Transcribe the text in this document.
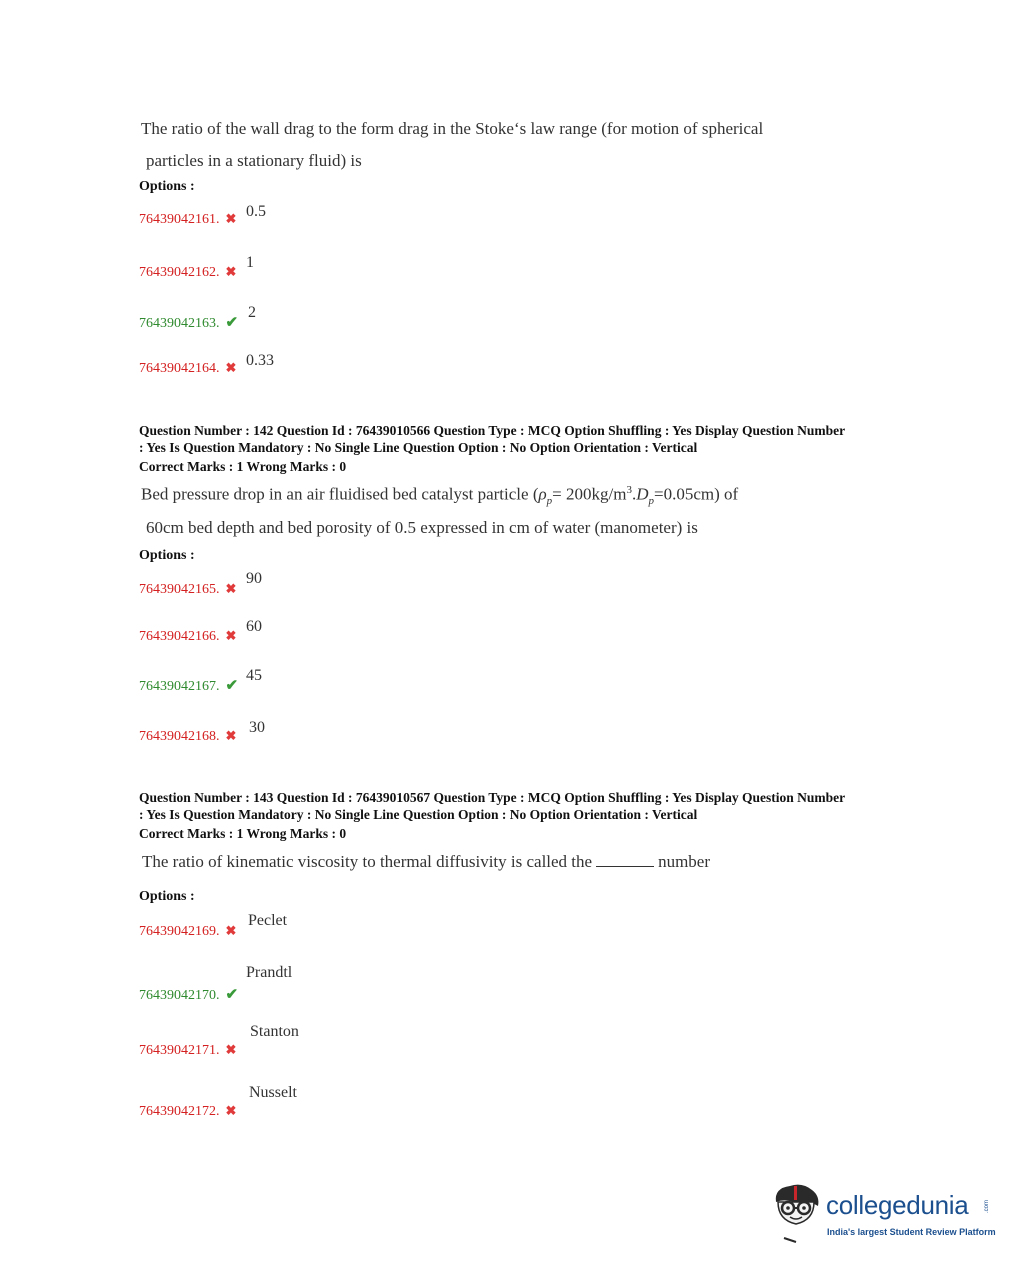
The ratio of the wall drag to the form drag in the Stoke‘s law range (for motion of spherical
particles in a stationary fluid) is
Options :
76439042161. ✖ 0.5
76439042162. ✖
1
76439042163. ✔
2
76439042164. ✖ 0.33
Question Number : 142 Question Id : 76439010566 Question Type : MCQ Option Shuffling : Yes Display Question Number
: Yes Is Question Mandatory : No Single Line Question Option : No Option Orientation : Vertical
Correct Marks : 1 Wrong Marks : 0
Bed pressure drop in an air fluidised bed catalyst particle $(\rho_p= 200kg/m^3.D_p=0.05cm)$ of
60cm bed depth and bed porosity of 0.5 expressed in cm of water (manometer) is
Options :
76439042165. ✖
90
76439042166. ✖
60
76439042167. ✔
45
76439042168. ✖ 30
Question Number : 143 Question Id : 76439010567 Question Type : MCQ Option Shuffling : Yes Display Question Number
: Yes Is Question Mandatory : No Single Line Question Option : No Option Orientation : Vertical
Correct Marks : 1 Wrong Marks : 0
The ratio of kinematic viscosity to thermal diffusivity is called the	number
Options :
76439042169. ✖
Peclet
76439042170. ✔
Prandtl
76439042171. ✖
Stanton
76439042172. ✖
Nusselt
collegedunia	.com
India's largest Student Review Platform
